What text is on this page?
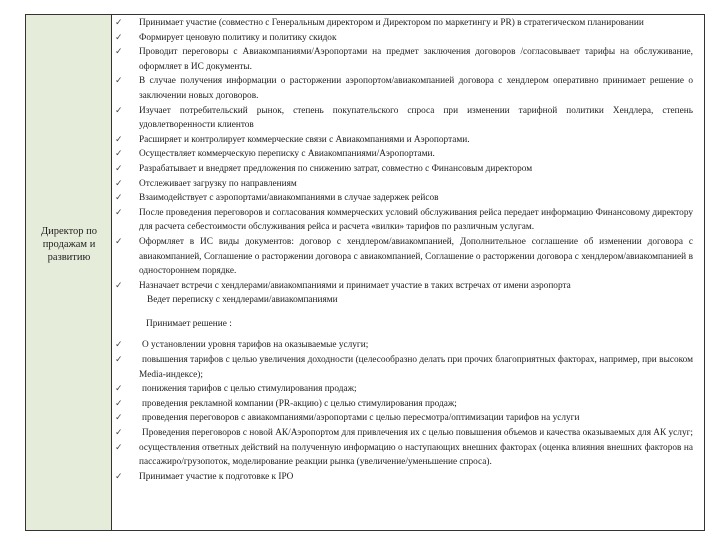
Директор по продажам и развитию
✓ Принимает участие (совместно с Генеральным директором и Директором по маркетингу и PR) в стратегическом планировании
✓ Формирует ценовую политику и политику скидок
✓ Проводит переговоры с Авиакомпаниями/Аэропортами на предмет заключения договоров /согласовывает тарифы на обслуживание, оформляет в ИС документы.
✓ В случае получения информации о расторжении аэропортом/авиакомпанией договора с хендлером оперативно принимает решение о заключении новых договоров.
✓ Изучает потребительский рынок, степень покупательского спроса при изменении тарифной политики Хендлера, степень удовлетворенности клиентов
✓ Расширяет и контролирует коммерческие связи с Авиакомпаниями и Аэропортами.
✓ Осуществляет коммерческую переписку с Авиакомпаниями/Аэропортами.
✓ Разрабатывает и внедряет предложения по снижению затрат, совместно с Финансовым директором
✓ Отслеживает загрузку по направлениям
✓ Взаимодействует с аэропортами/авиакомпаниями в случае задержек рейсов
✓ После проведения переговоров и согласования коммерческих условий обслуживания рейса передает информацию Финансовому директору для расчета себестоимости обслуживания рейса и расчета «вилки» тарифов по различным услугам.
✓ Оформляет в ИС виды документов: договор с хендлером/авиакомпанией, Дополнительное соглашение об изменении договора с авиакомпанией, Соглашение о расторжении договора с авиакомпанией, Соглашение о расторжении договора с хендлером/авиакомпанией в одностороннем порядке.
✓ Назначает встречи с хендлерами/авиакомпаниями и принимает участие в таких встречах от имени аэропорта
Ведет переписку с хендлерами/авиакомпаниями
Принимает решение :
✓	О установлении уровня тарифов на оказываемые услуги;
✓	повышения тарифов с целью увеличения доходности (целесообразно делать при прочих благоприятных факторах, например, при высоком Media-индексе);
✓	понижения тарифов с целью стимулирования продаж;
✓	проведения рекламной компании (PR-акцию) с целью стимулирования продаж;
✓	проведения переговоров с авиакомпаниями/аэропортами с целью пересмотра/оптимизации тарифов на услуги
✓	Проведения переговоров с новой АК/Аэропортом для привлечения их с целью повышения объемов и качества оказываемых для АК услуг;
✓ осуществления ответных действий на полученную информацию о наступающих внешних факторах (оценка влияния внешних факторов на пассажиро/грузопоток, моделирование реакции рынка (увеличение/уменьшение спроса).
✓ Принимает участие к подготовке к IPO
